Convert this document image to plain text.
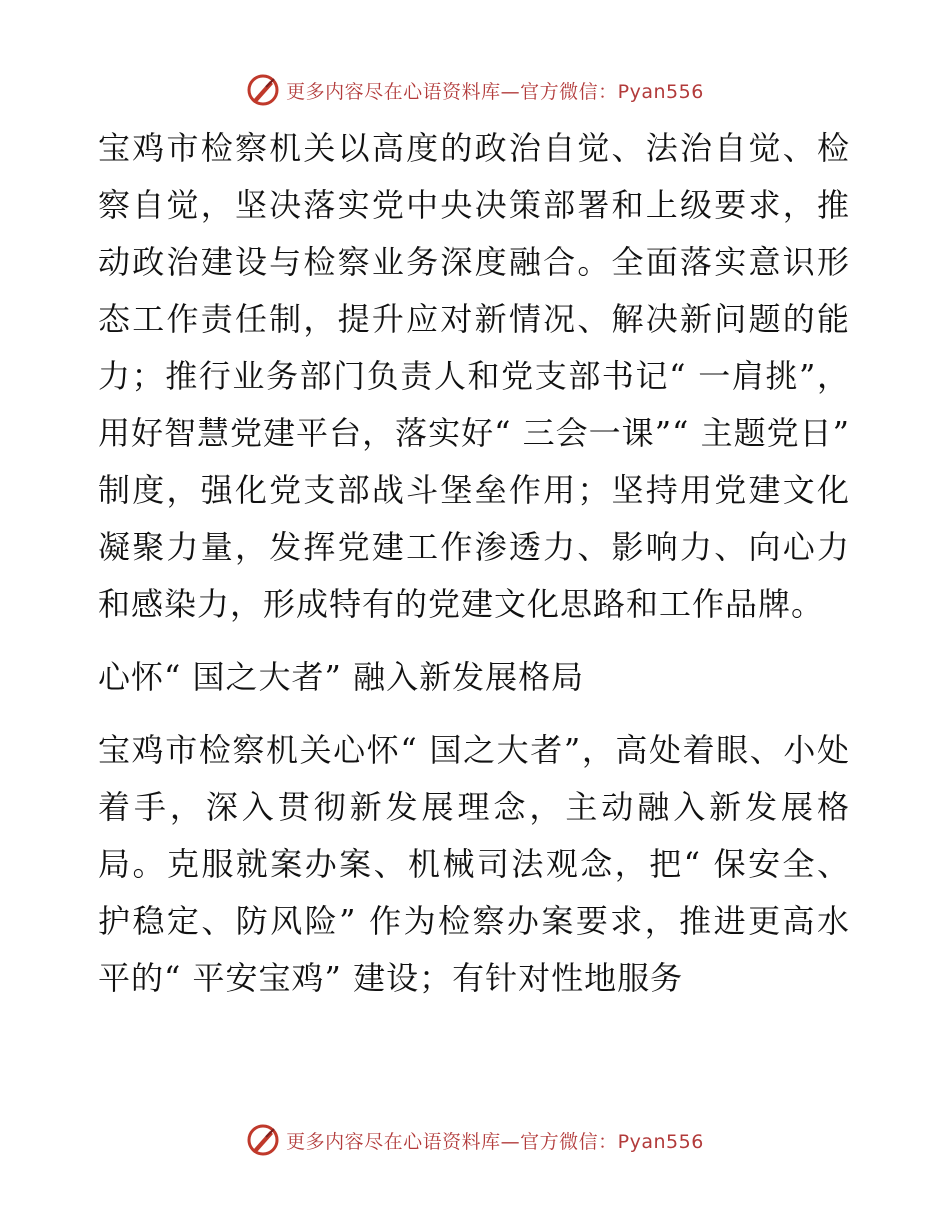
更多内容尽在心语资料库—官方微信：Pyan556

宝鸡市检察机关以高度的政治自觉、法治自觉、检察自觉，坚决落实党中央决策部署和上级要求，推动政治建设与检察业务深度融合。全面落实意识形态工作责任制，提升应对新情况、解决新问题的能力；推行业务部门负责人和党支部书记“ 一肩挑”，用好智慧党建平台，落实好“ 三会一课”“ 主题党日” 制度，强化党支部战斗堡垒作用；坚持用党建文化凝聚力量，发挥党建工作渗透力、影响力、向心力和感染力，形成特有的党建文化思路和工作品牌。

心怀“ 国之大者” 融入新发展格局

宝鸡市检察机关心怀“ 国之大者”，高处着眼、小处着手，深入贯彻新发展理念，主动融入新发展格局。克服就案办案、机械司法观念，把“ 保安全、护稳定、防风险” 作为检察办案要求，推进更高水平的“ 平安宝鸡” 建设；有针对性地服务

更多内容尽在心语资料库—官方微信：Pyan556
